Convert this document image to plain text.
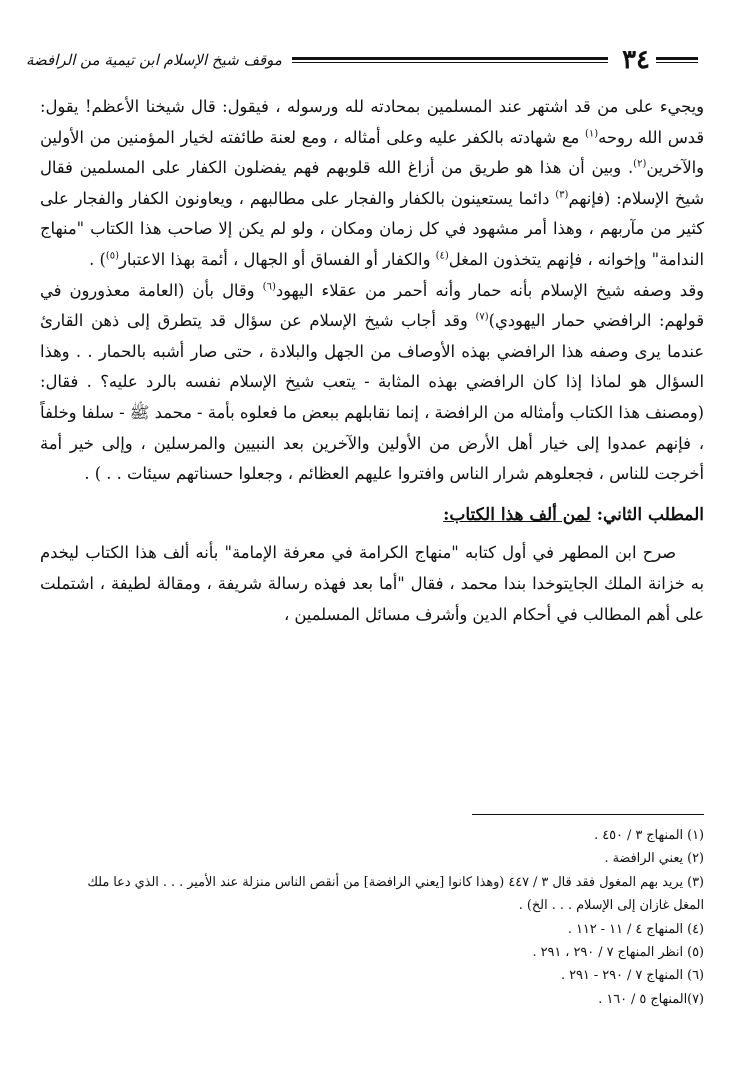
٣٤
موقف شيخ الإسلام ابن تيمية من الرافضة

ويجيء على من قد اشتهر عند المسلمين بمحادته لله ورسوله ، فيقول: قال شيخنا الأعظم! يقول: قدس الله روحه$^{(١)}$ مع شهادته بالكفر عليه وعلى أمثاله ، ومع لعنة طائفته لخيار المؤمنين من الأولين والآخرين$^{(٢)}$. وبين أن هذا هو طريق من أزاغ الله قلوبهم فهم يفضلون الكفار على المسلمين فقال شيخ الإسلام: (فإنهم$^{(٣)}$ دائما يستعينون بالكفار والفجار على مطالبهم ، ويعاونون الكفار والفجار على كثير من مآربهم ، وهذا أمر مشهود في كل زمان ومكان ، ولو لم يكن إلا صاحب هذا الكتاب "منهاج الندامة" وإخوانه ، فإنهم يتخذون المغل$^{(٤)}$ والكفار أو الفساق أو الجهال ، أئمة بهذا الاعتبار$^{(٥)}$) .

وقد وصفه شيخ الإسلام بأنه حمار وأنه أحمر من عقلاء اليهود$^{(٦)}$ وقال بأن (العامة معذورون في قولهم: الرافضي حمار اليهودي)$^{(٧)}$ وقد أجاب شيخ الإسلام عن سؤال قد يتطرق إلى ذهن القارئ عندما يرى وصفه هذا الرافضي بهذه الأوصاف من الجهل والبلادة ، حتى صار أشبه بالحمار . . وهذا السؤال هو لماذا إذا كان الرافضي بهذه المثابة - يتعب شيخ الإسلام نفسه بالرد عليه؟ . فقال: (ومصنف هذا الكتاب وأمثاله من الرافضة ، إنما نقابلهم ببعض ما فعلوه بأمة - محمد ﷺ - سلفا وخلفاً ، فإنهم عمدوا إلى خيار أهل الأرض من الأولين والآخرين بعد النبيين والمرسلين ، وإلى خير أمة أخرجت للناس ، فجعلوهم شرار الناس وافتروا عليهم العظائم ، وجعلوا حسناتهم سيئات . . ) .

المطلب الثاني: لمن ألف هذا الكتاب:

صرح ابن المطهر في أول كتابه "منهاج الكرامة في معرفة الإمامة" بأنه ألف هذا الكتاب ليخدم به خزانة الملك الجايتوخدا بندا محمد ، فقال "أما بعد فهذه رسالة شريفة ، ومقالة لطيفة ، اشتملت على أهم المطالب في أحكام الدين وأشرف مسائل المسلمين ،

(١) المنهاج ٣ / ٤٥٠ .
(٢) يعني الرافضة .
(٣) يريد بهم المغول فقد قال ٣ / ٤٤٧ (وهذا كانوا [يعني الرافضة] من أنقص الناس منزلة عند الأمير . . . الذي دعا ملك
المغل غازان إلى الإسلام . . . الخ) .
(٤) المنهاج ٤ / ١١ - ١١٢ .
(٥) انظر المنهاج ٧ / ٢٩٠ ، ٢٩١ .
(٦) المنهاج ٧ / ٢٩٠ - ٢٩١ .
(٧)المنهاج ٥ / ١٦٠ .
